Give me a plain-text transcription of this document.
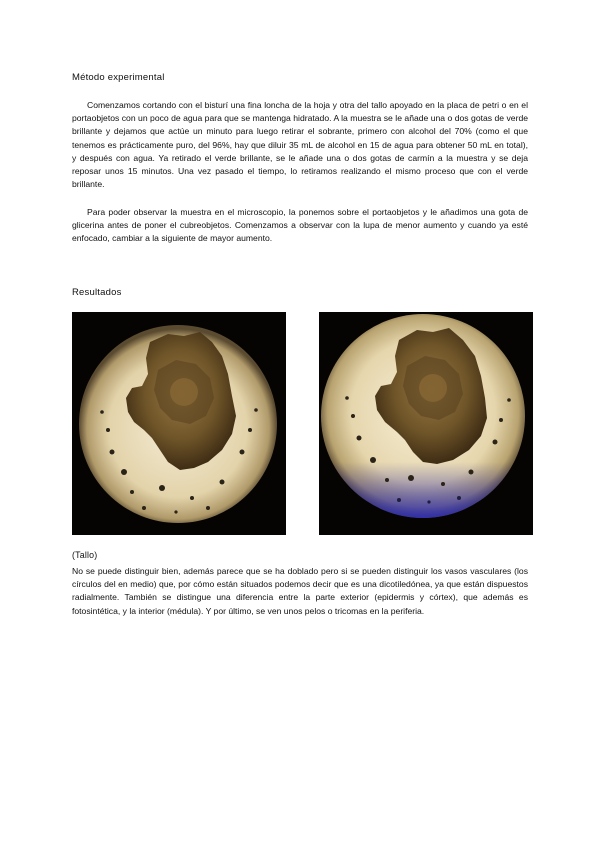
Método experimental

Comenzamos cortando con el bisturí una fina loncha de la hoja y otra del tallo apoyado en la placa de petri o en el portaobjetos con un poco de agua para que se mantenga hidratado. A la muestra se le añade una o dos gotas de verde brillante y dejamos que actúe un minuto para luego retirar el sobrante, primero con alcohol del 70% (como el que tenemos es prácticamente puro, del 96%, hay que diluir 35 mL de alcohol en 15 de agua para obtener 50 mL en total), y después con agua. Ya retirado el verde brillante, se le añade una o dos gotas de carmín a la muestra y se deja reposar unos 15 minutos. Una vez pasado el tiempo, lo retiramos realizando el mismo proceso que con el verde brillante.

Para poder observar la muestra en el microscopio, la ponemos sobre el portaobjetos y le añadimos una gota de glicerina antes de poner el cubreobjetos. Comenzamos a observar con la lupa de menor aumento y cuando ya esté enfocado, cambiar a la siguiente de mayor aumento.

Resultados
(Tallo)

No se puede distinguir bien, además parece que se ha doblado pero si se pueden distinguir los vasos vasculares (los círculos del en medio) que, por cómo están situados podemos decir que es una dicotiledónea, ya que están dispuestos radialmente. También se distingue una diferencia entre la parte exterior (epidermis y córtex), que además es fotosintética, y la interior (médula). Y por último, se ven unos pelos o tricomas en la periferia.
